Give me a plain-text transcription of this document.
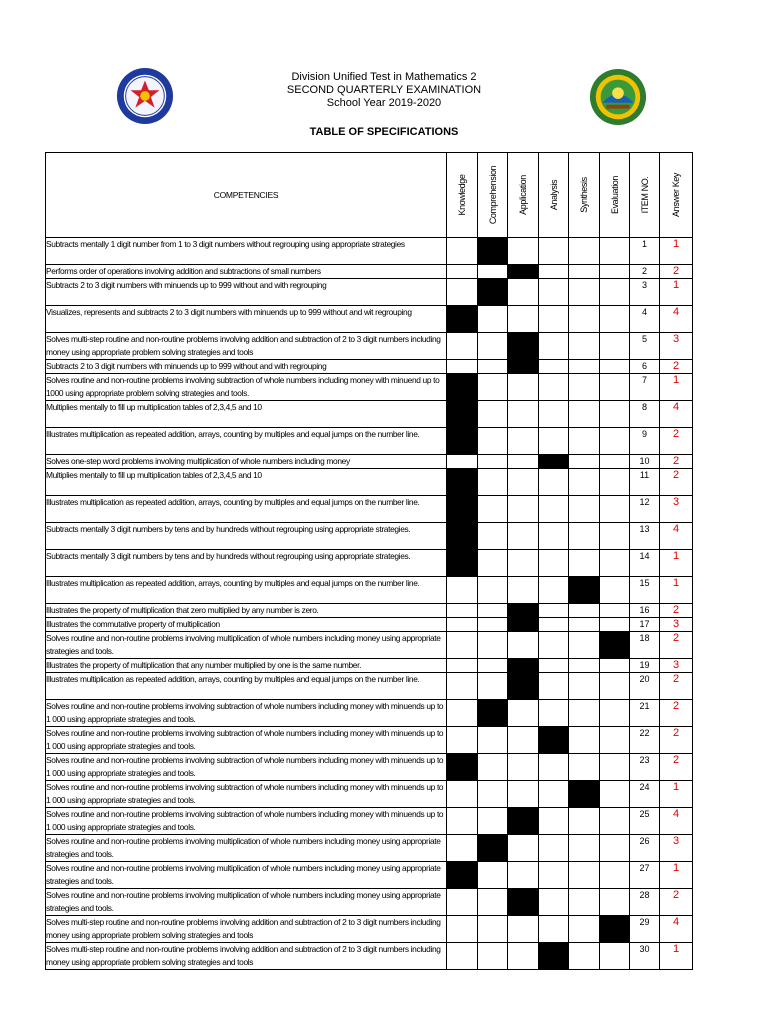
Division Unified Test in Mathematics 2
SECOND QUARTERLY EXAMINATION
School Year 2019-2020
TABLE OF SPECIFICATIONS
COMPETENCIES	Knowledge	Comprehension	Application	Analysis	Synthesis	Evaluation	ITEM NO.	Answer Key

Subtracts mentally 1 digit number from 1 to 3 digit numbers without regrouping using appropriate strategies							1	1
Performs order of operations involving addition and subtractions of small numbers							2	2
Subtracts 2 to 3 digit numbers with minuends up to 999 without and with regrouping							3	1
Visualizes, represents and subtracts 2 to 3 digit numbers with minuends up to 999 without and wit regrouping							4	4
Solves multi-step routine and non-routine problems involving addition and subtraction of 2 to 3 digit numbers including money using appropriate problem solving strategies and tools							5	3
Subtracts 2 to 3 digit numbers with minuends up to 999 without and with regrouping							6	2
Solves routine and non-routine problems involving subtraction of whole numbers including money with minuend up to 1000 using appropriate problem solving strategies and tools.							7	1
Multiplies mentally to fill up multiplication tables of 2,3,4,5 and 10							8	4
Illustrates multiplication as repeated addition, arrays, counting by multiples and equal jumps on the number line.							9	2
Solves one-step word problems involving multiplication of whole numbers including money							10	2
Multiplies mentally to fill up multiplication tables of 2,3,4,5 and 10							11	2
Illustrates multiplication as repeated addition, arrays, counting by multiples and equal jumps on the number line.							12	3
Subtracts mentally 3 digit numbers by tens and by hundreds without regrouping using appropriate strategies.							13	4
Subtracts mentally 3 digit numbers by tens and by hundreds without regrouping using appropriate strategies.							14	1
Illustrates multiplication as repeated addition, arrays, counting by multiples and equal jumps on the number line.							15	1
Illustrates the property of multiplication that zero multiplied by any number is zero.							16	2
Illustrates the commutative property of multiplication							17	3
Solves routine and non-routine problems involving multiplication of whole numbers including money using appropriate strategies and tools.							18	2
Illustrates the property of multiplication that any number multiplied by one is the same number.							19	3
Illustrates multiplication as repeated addition, arrays, counting by multiples and equal jumps on the number line.							20	2
Solves routine and non-routine problems involving subtraction of whole numbers including money with minuends up to 1 000 using appropriate strategies and tools.							21	2
Solves routine and non-routine problems involving subtraction of whole numbers including money with minuends up to 1 000 using appropriate strategies and tools.							22	2
Solves routine and non-routine problems involving subtraction of whole numbers including money with minuends up to 1 000 using appropriate strategies and tools.							23	2
Solves routine and non-routine problems involving subtraction of whole numbers including money with minuends up to 1 000 using appropriate strategies and tools.							24	1
Solves routine and non-routine problems involving subtraction of whole numbers including money with minuends up to 1 000 using appropriate strategies and tools.							25	4
Solves routine and non-routine problems involving multiplication of whole numbers including money using appropriate strategies and tools.							26	3
Solves routine and non-routine problems involving multiplication of whole numbers including money using appropriate strategies and tools.							27	1
Solves routine and non-routine problems involving multiplication of whole numbers including money using appropriate strategies and tools.							28	2
Solves multi-step routine and non-routine problems involving addition and subtraction of 2 to 3 digit numbers including money using appropriate problem solving strategies and tools							29	4
Solves multi-step routine and non-routine problems involving addition and subtraction of 2 to 3 digit numbers including money using appropriate problem solving strategies and tools							30	1
